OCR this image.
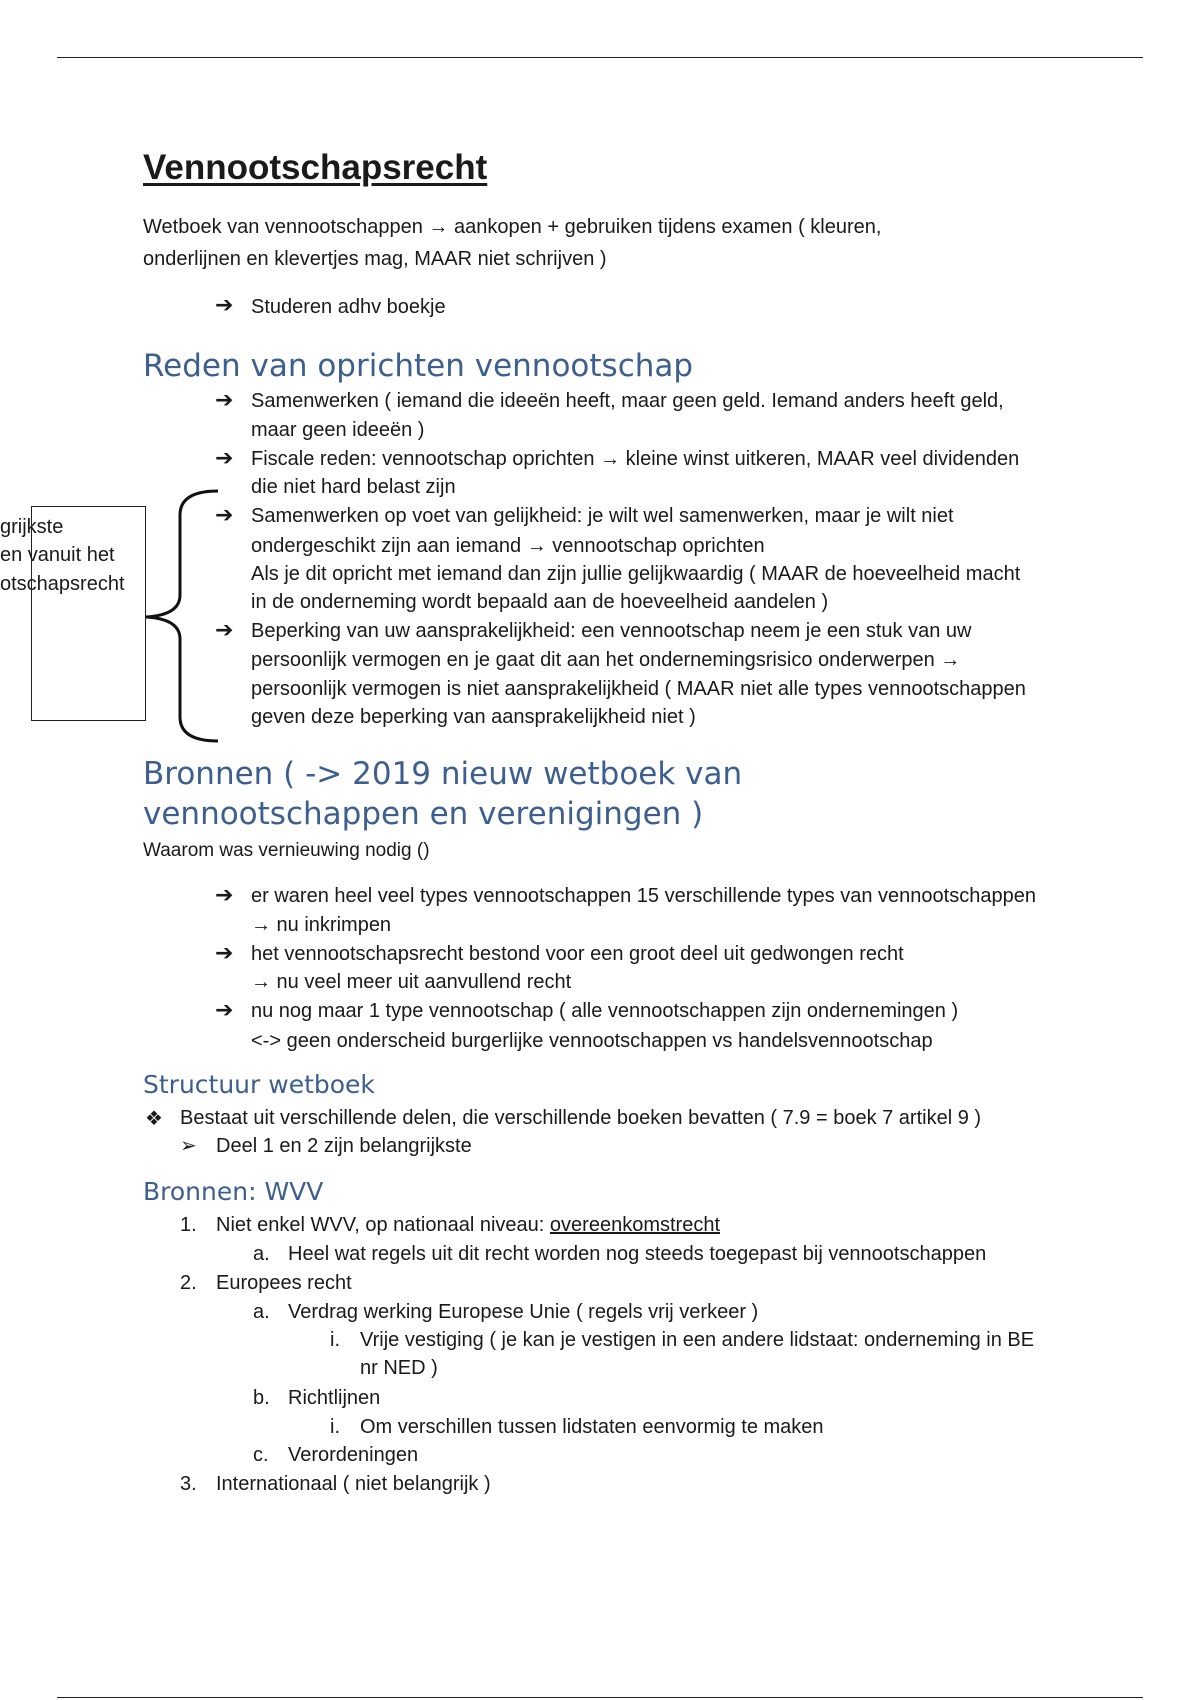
Vennootschapsrecht
Wetboek van vennootschappen → aankopen + gebruiken tijdens examen ( kleuren,
onderlijnen en klevertjes mag, MAAR niet schrijven )
➔ Studeren adhv boekje
Reden van oprichten vennootschap
➔ Samenwerken ( iemand die ideeën heeft, maar geen geld. Iemand anders heeft geld,
maar geen ideeën )
➔ Fiscale reden: vennootschap oprichten → kleine winst uitkeren, MAAR veel dividenden
die niet hard belast zijn
➔ Samenwerken op voet van gelijkheid: je wilt wel samenwerken, maar je wilt niet
ondergeschikt zijn aan iemand → vennootschap oprichten
Als je dit opricht met iemand dan zijn jullie gelijkwaardig ( MAAR de hoeveelheid macht
in de onderneming wordt bepaald aan de hoeveelheid aandelen )
➔ Beperking van uw aansprakelijkheid: een vennootschap neem je een stuk van uw
persoonlijk vermogen en je gaat dit aan het ondernemingsrisico onderwerpen →
persoonlijk vermogen is niet aansprakelijkheid ( MAAR niet alle types vennootschappen
geven deze beperking van aansprakelijkheid niet )
grijkste
en vanuit het
otschapsrecht
Bronnen ( -> 2019 nieuw wetboek van
vennootschappen en verenigingen )
Waarom was vernieuwing nodig ()
➔ er waren heel veel types vennootschappen 15 verschillende types van vennootschappen
→ nu inkrimpen
➔ het vennootschapsrecht bestond voor een groot deel uit gedwongen recht
→ nu veel meer uit aanvullend recht
➔ nu nog maar 1 type vennootschap ( alle vennootschappen zijn ondernemingen )
<-> geen onderscheid burgerlijke vennootschappen vs handelsvennootschap
Structuur wetboek
❖ Bestaat uit verschillende delen, die verschillende boeken bevatten ( 7.9 = boek 7 artikel 9 )
➢ Deel 1 en 2 zijn belangrijkste
Bronnen: WVV
1. Niet enkel WVV, op nationaal niveau: overeenkomstrecht
a. Heel wat regels uit dit recht worden nog steeds toegepast bij vennootschappen
2. Europees recht
a. Verdrag werking Europese Unie ( regels vrij verkeer )
i. Vrije vestiging ( je kan je vestigen in een andere lidstaat: onderneming in BE
nr NED )
b. Richtlijnen
i. Om verschillen tussen lidstaten eenvormig te maken
c. Verordeningen
3. Internationaal ( niet belangrijk )
